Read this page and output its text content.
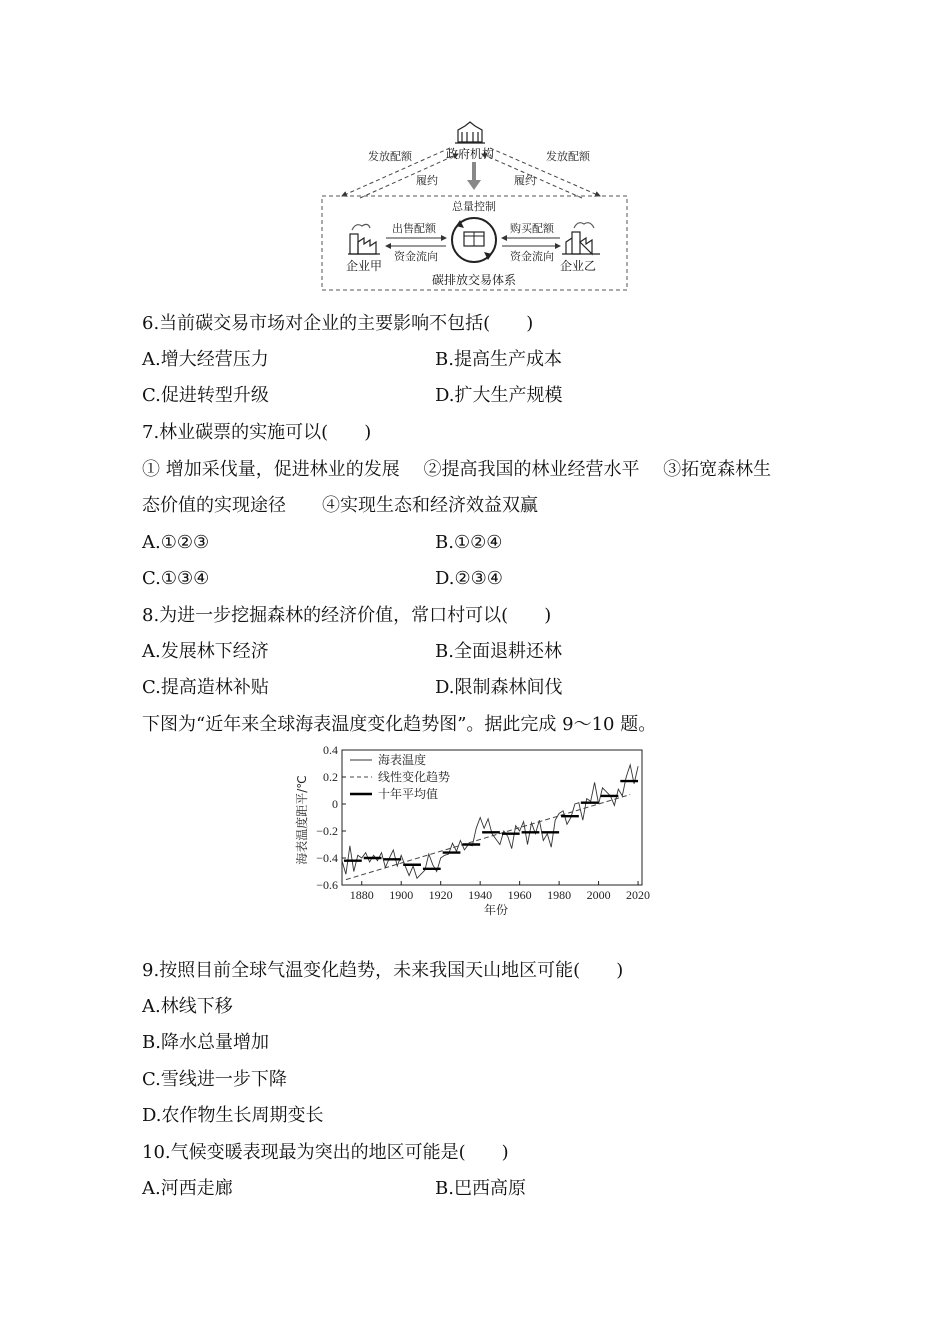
政府机构
发放配额	发放配额
履约	履约
总量控制
企业甲	企业乙
出售配额
资金流向
购买配额
资金流向
碳排放交易体系
6.当前碳交易市场对企业的主要影响不包括(　　)
A.增大经营压力	B.提高生产成本
C.促进转型升级	D.扩大生产规模
7.林业碳票的实施可以(　　)
① 增加采伐量，促进林业的发展　 ②提高我国的林业经营水平　 ③拓宽森林生
态价值的实现途径　　④实现生态和经济效益双赢
A.①②③	B.①②④
C.①③④	D.②③④
8.为进一步挖掘森林的经济价值，常口村可以(　　)
A.发展林下经济	B.全面退耕还林
C.提高造林补贴	D.限制森林间伐
下图为“近年来全球海表温度变化趋势图”。据此完成 9～10 题。
海表温度距平/℃
年份
0.4
0.2
0
−0.2
−0.4
−0.6
1880 1900 1920 1940 1960 1980 2000 2020
海表温度
线性变化趋势
十年平均值
9.按照目前全球气温变化趋势，未来我国天山地区可能(　　)
A.林线下移
B.降水总量增加
C.雪线进一步下降
D.农作物生长周期变长
10.气候变暖表现最为突出的地区可能是(　　)
A.河西走廊	B.巴西高原
